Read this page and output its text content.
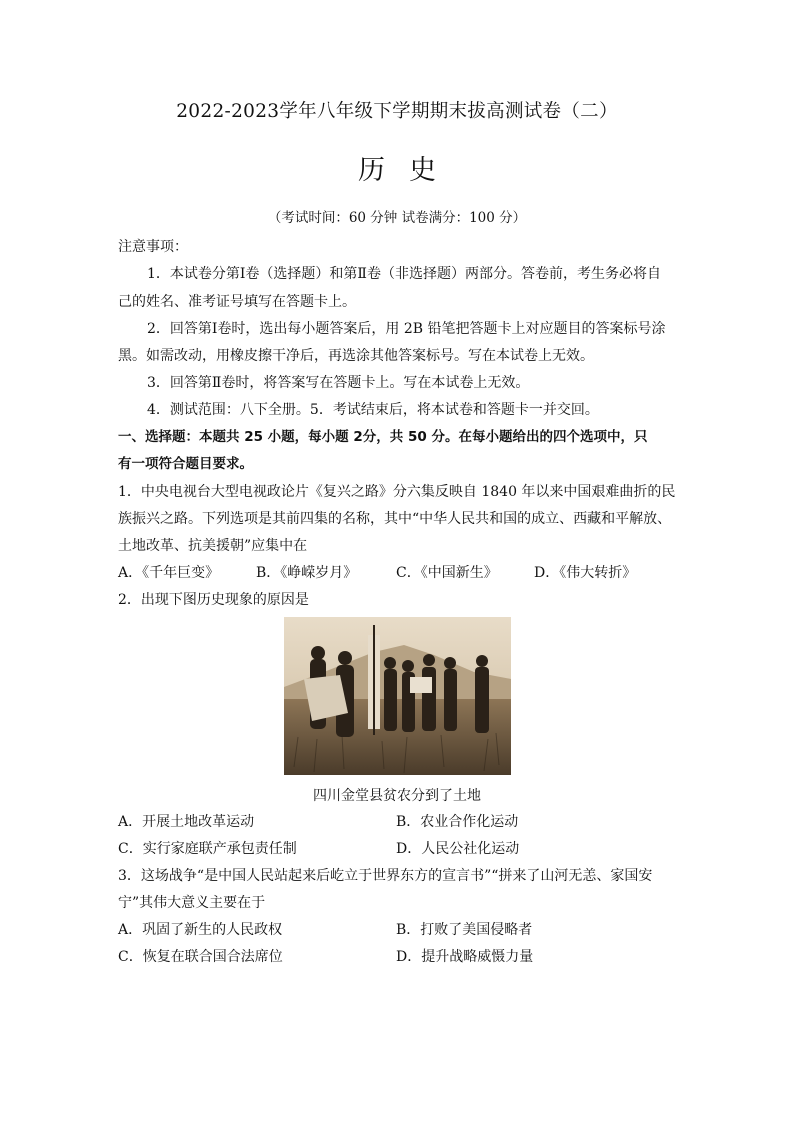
2022-2023学年八年级下学期期末拔高测试卷（二）
历史
（考试时间：60 分钟 试卷满分：100 分）
注意事项：
1．本试卷分第Ⅰ卷（选择题）和第Ⅱ卷（非选择题）两部分。答卷前，考生务必将自
己的姓名、准考证号填写在答题卡上。
2．回答第Ⅰ卷时，选出每小题答案后，用 2B 铅笔把答题卡上对应题目的答案标号涂
黑。如需改动，用橡皮擦干净后，再选涂其他答案标号。写在本试卷上无效。
3．回答第Ⅱ卷时，将答案写在答题卡上。写在本试卷上无效。
4．测试范围：八下全册。5．考试结束后，将本试卷和答题卡一并交回。
一、选择题：本题共 25 小题，每小题 2分，共 50 分。在每小题给出的四个选项中，只
有一项符合题目要求。
1．中央电视台大型电视政论片《复兴之路》分六集反映自 1840 年以来中国艰难曲折的民
族振兴之路。下列选项是其前四集的名称，其中“中华人民共和国的成立、西藏和平解放、
土地改革、抗美援朝”应集中在
A．《千年巨变》	B．《峥嵘岁月》	C．《中国新生》	D．《伟大转折》
2．出现下图历史现象的原因是
四川金堂县贫农分到了土地
A．开展土地改革运动	B．农业合作化运动
C．实行家庭联产承包责任制	D．人民公社化运动
3．这场战争“是中国人民站起来后屹立于世界东方的宣言书”“拼来了山河无恙、家国安
宁”其伟大意义主要在于
A．巩固了新生的人民政权	B．打败了美国侵略者
C．恢复在联合国合法席位	D．提升战略威慑力量
